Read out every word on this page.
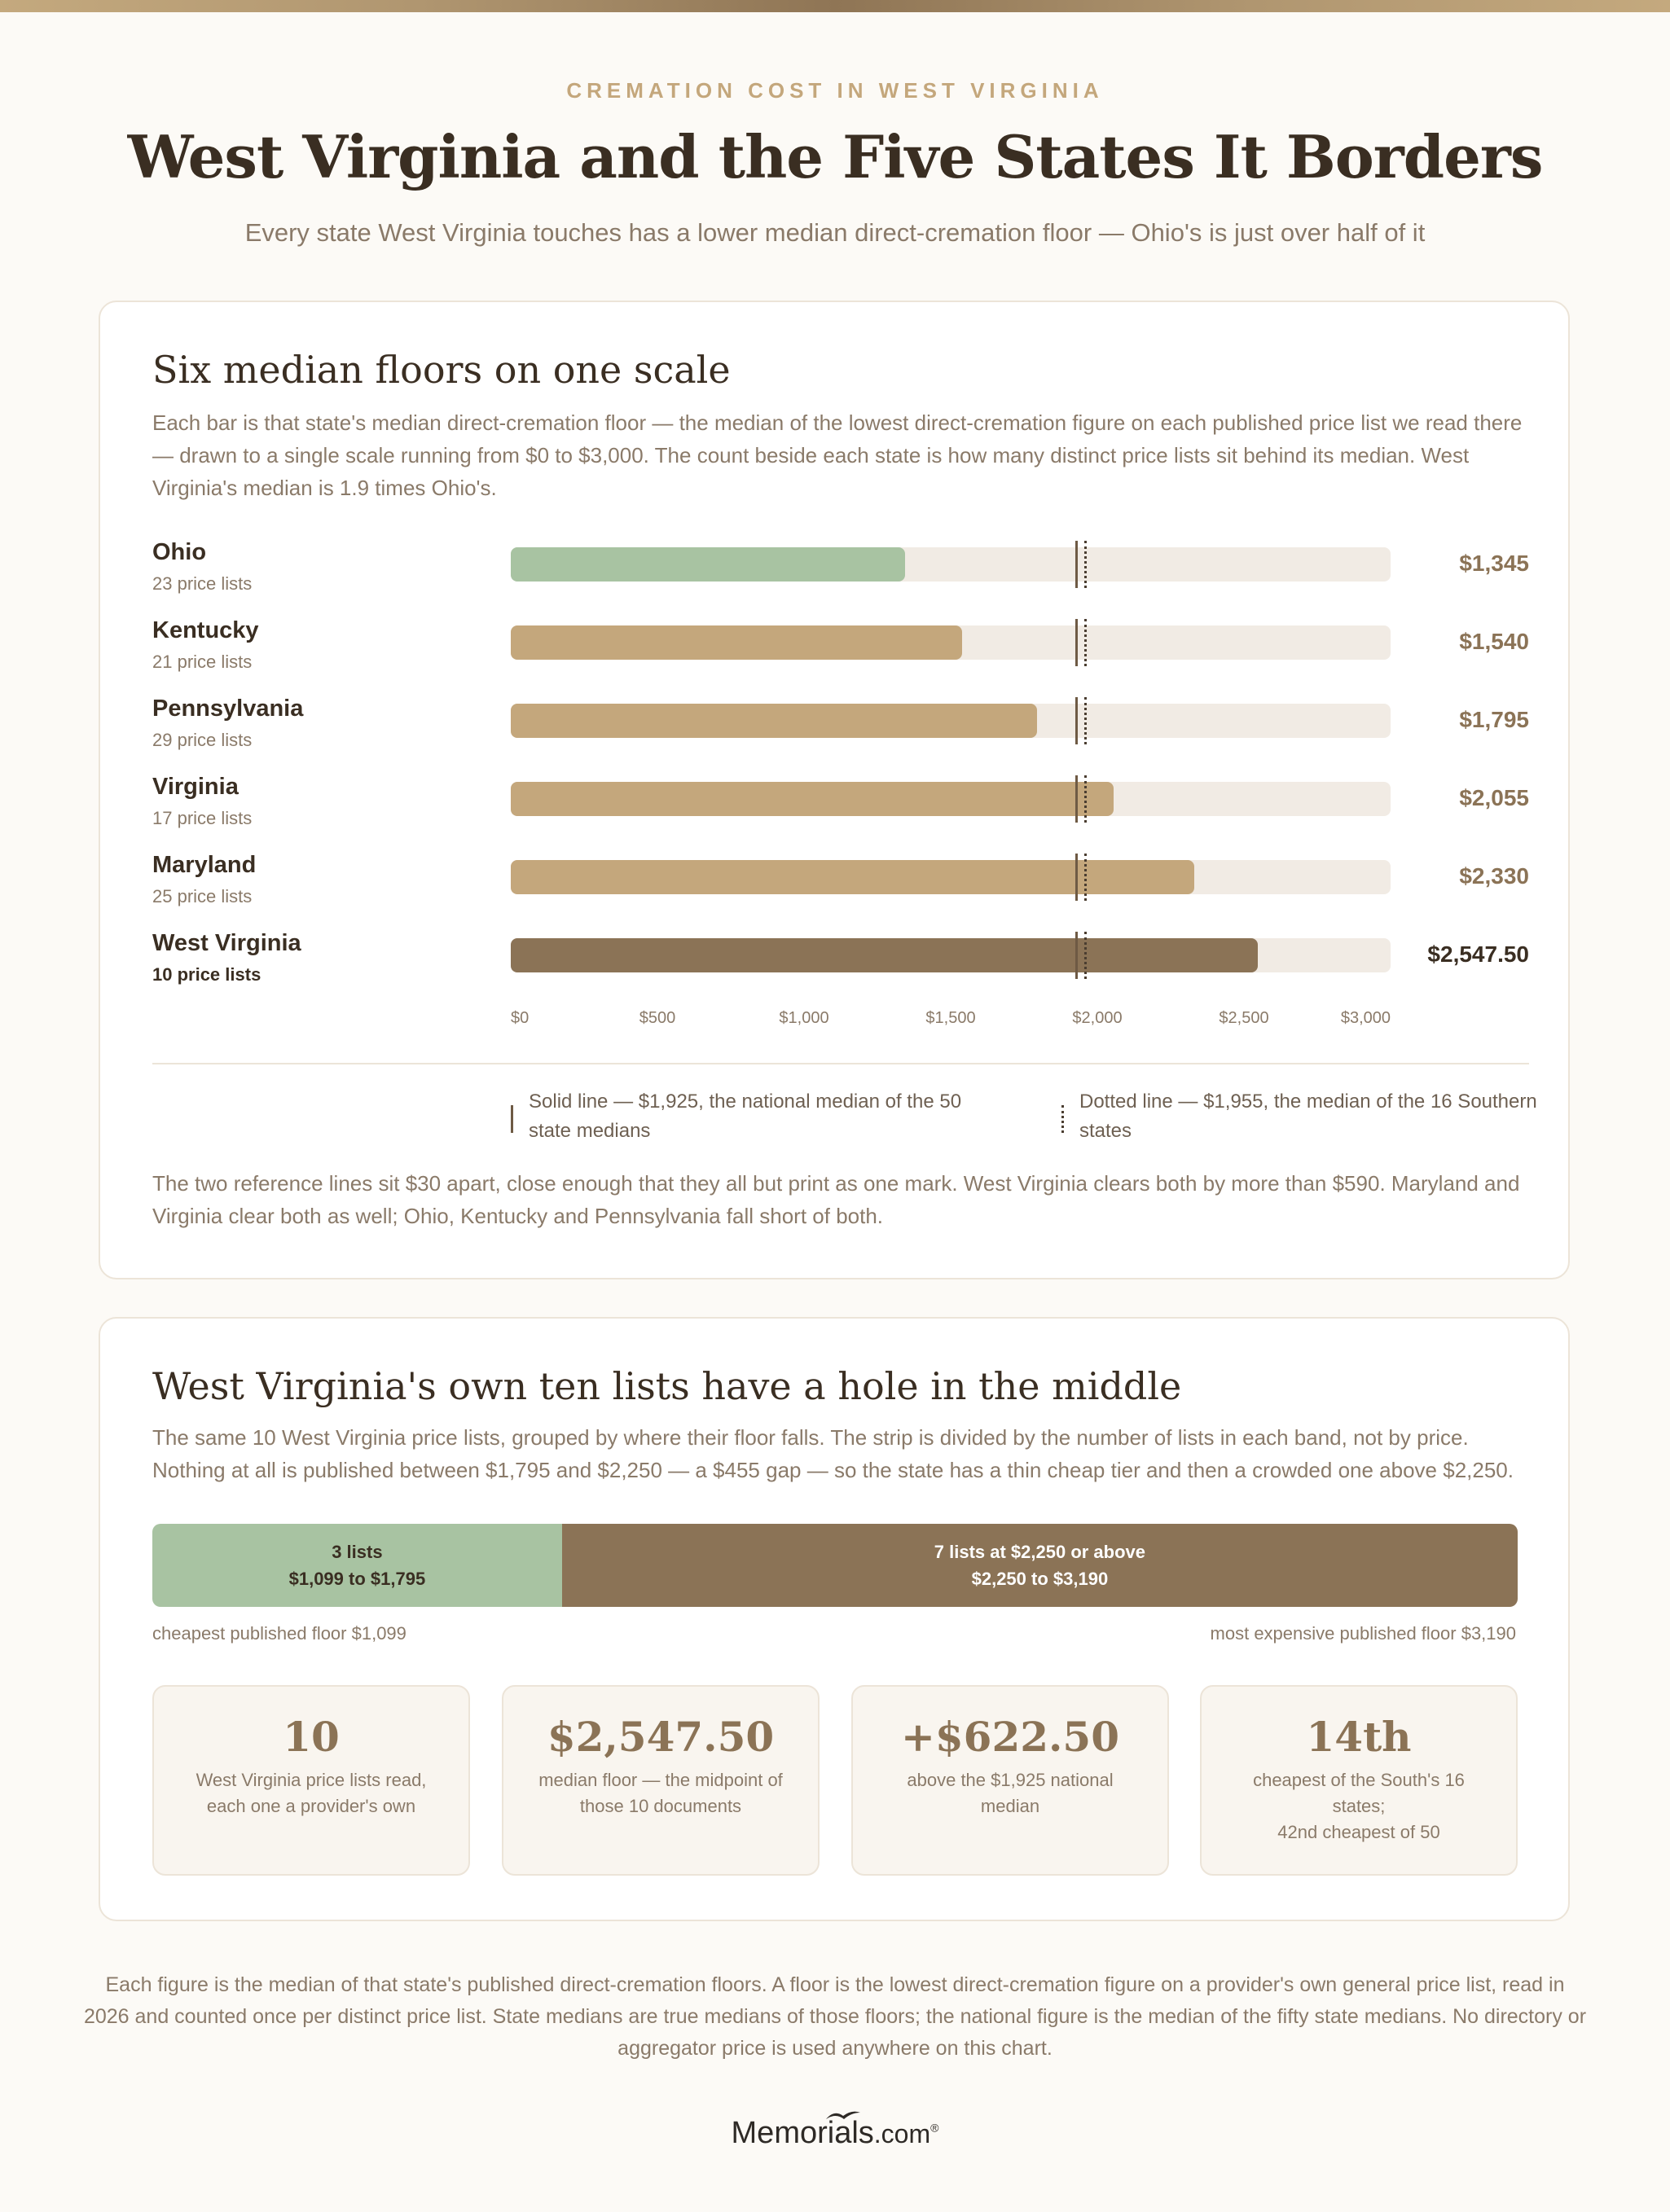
CREMATION COST IN WEST VIRGINIA
West Virginia and the Five States It Borders
Every state West Virginia touches has a lower median direct-cremation floor — Ohio's is just over half of it
Six median floors on one scale
Each bar is that state's median direct-cremation floor — the median of the lowest direct-cremation figure on each published price list we read there — drawn to a single scale running from $0 to $3,000. The count beside each state is how many distinct price lists sit behind its median. West Virginia's median is 1.9 times Ohio's.
Ohio
23 price lists
$1,345
Kentucky
21 price lists
$1,540
Pennsylvania
29 price lists
$1,795
Virginia
17 price lists
$2,055
Maryland
25 price lists
$2,330
West Virginia
10 price lists
$2,547.50
$0	$500	$1,000	$1,500	$2,000	$2,500	$3,000
Solid line — $1,925, the national median of the 50 state medians
Dotted line — $1,955, the median of the 16 Southern states
The two reference lines sit $30 apart, close enough that they all but print as one mark. West Virginia clears both by more than $590. Maryland and Virginia clear both as well; Ohio, Kentucky and Pennsylvania fall short of both.
West Virginia's own ten lists have a hole in the middle
The same 10 West Virginia price lists, grouped by where their floor falls. The strip is divided by the number of lists in each band, not by price. Nothing at all is published between $1,795 and $2,250 — a $455 gap — so the state has a thin cheap tier and then a crowded one above $2,250.
3 lists
$1,099 to $1,795
7 lists at $2,250 or above
$2,250 to $3,190
cheapest published floor $1,099	most expensive published floor $3,190
10
West Virginia price lists read, each one a provider's own
$2,547.50
median floor — the midpoint of those 10 documents
+$622.50
above the $1,925 national median
14th
cheapest of the South's 16 states;
42nd cheapest of 50
Each figure is the median of that state's published direct-cremation floors. A floor is the lowest direct-cremation figure on a provider's own general price list, read in 2026 and counted once per distinct price list. State medians are true medians of those floors; the national figure is the median of the fifty state medians. No directory or aggregator price is used anywhere on this chart.
Memorials.com®
